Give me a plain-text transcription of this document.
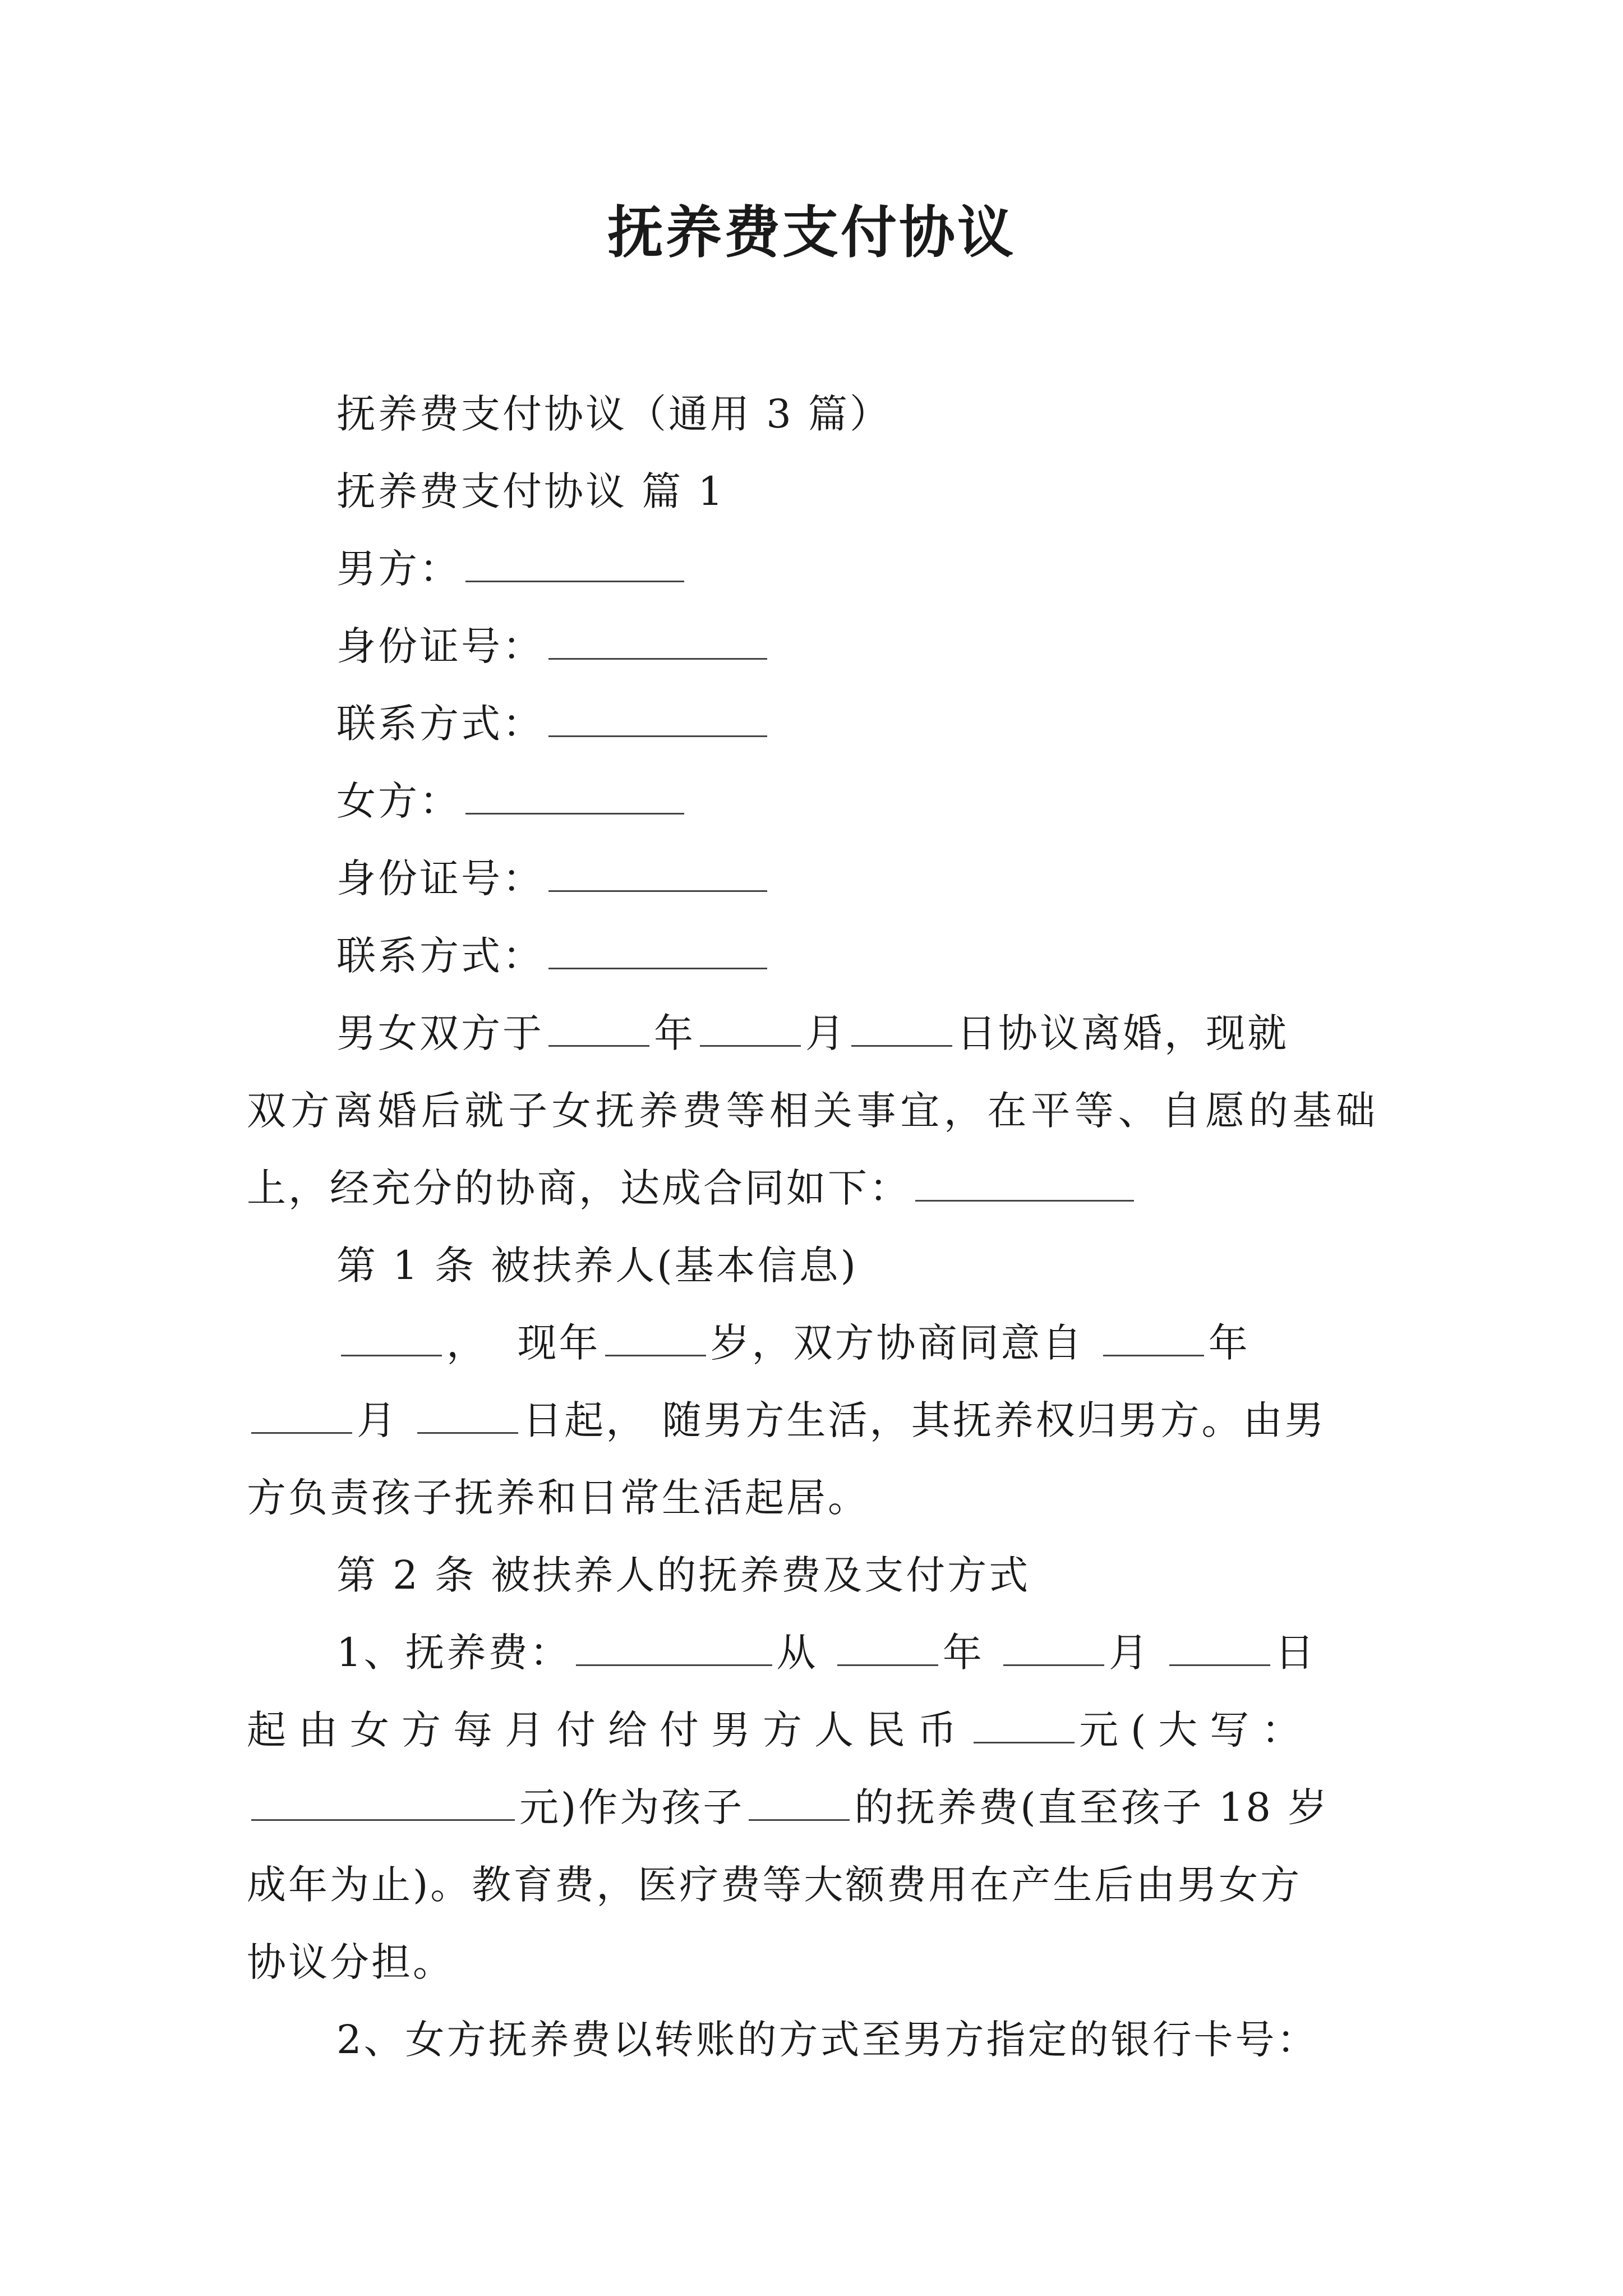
抚养费支付协议
抚养费支付协议（通用 3 篇）
抚养费支付协议 篇 1
男方：
身份证号：
联系方式：
女方：
身份证号：
联系方式：
男女双方于	年	月	日协议离婚，现就
双方离婚后就子女抚养费等相关事宜，在平等、自愿的基础
上，经充分的协商，达成合同如下：
第 1 条 被扶养人(基本信息)
， 现年	岁，双方协商同意自	年
月	日起， 随男方生活，其抚养权归男方。由男
方负责孩子抚养和日常生活起居。
第 2 条 被扶养人的抚养费及支付方式
1、抚养费：	从	年	月	日
起由女方每月付给付男方人民币	元(大写：
元)作为孩子	的抚养费(直至孩子 18 岁
成年为止)。教育费，医疗费等大额费用在产生后由男女方
协议分担。
2、女方抚养费以转账的方式至男方指定的银行卡号：
